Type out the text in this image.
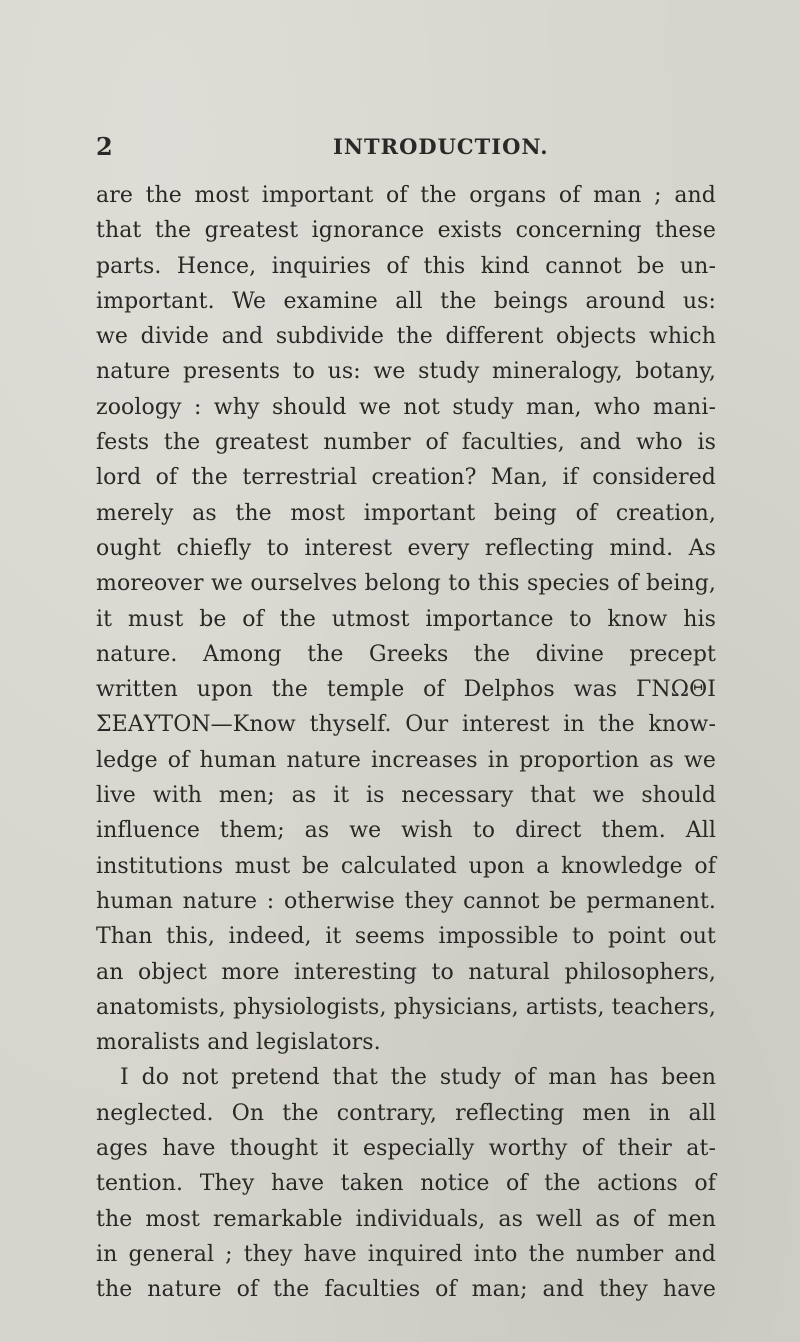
2	INTRODUCTION.
are the most important of the organs of man ; and
that the greatest ignorance exists concerning these
parts. Hence, inquiries of this kind cannot be un-
important. We examine all the beings around us:
we divide and subdivide the different objects which
nature presents to us: we study mineralogy, botany,
zoology : why should we not study man, who mani-
fests the greatest number of faculties, and who is
lord of the terrestrial creation? Man, if considered
merely as the most important being of creation,
ought chiefly to interest every reflecting mind. As
moreover we ourselves belong to this species of being,
it must be of the utmost importance to know his
nature. Among the Greeks the divine precept
written upon the temple of Delphos was ΓΝΩΘΙ
ΣΕΑΥΤΟΝ—Know thyself. Our interest in the know-
ledge of human nature increases in proportion as we
live with men; as it is necessary that we should
influence them; as we wish to direct them. All
institutions must be calculated upon a knowledge of
human nature : otherwise they cannot be permanent.
Than this, indeed, it seems impossible to point out
an object more interesting to natural philosophers,
anatomists, physiologists, physicians, artists, teachers,
moralists and legislators.
I do not pretend that the study of man has been
neglected. On the contrary, reflecting men in all
ages have thought it especially worthy of their at-
tention. They have taken notice of the actions of
the most remarkable individuals, as well as of men
in general ; they have inquired into the number and
the nature of the faculties of man; and they have
